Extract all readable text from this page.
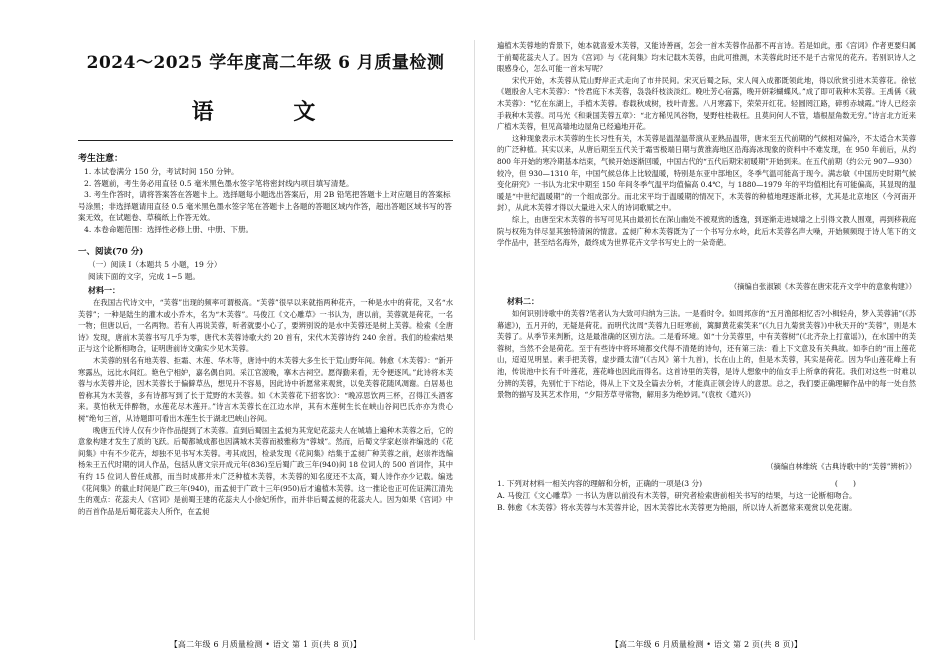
2024～2025 学年度高二年级 6 月质量检测
语 文
考生注意：

1. 本试卷满分 150 分，考试时间 150 分钟。

2. 答题前，考生务必用直径 0.5 毫米黑色墨水签字笔将密封线内项目填写清楚。

3. 考生作答时，请将答案答在答题卡上。选择题每小题选出答案后，用 2B 铅笔把答题卡上对应题目的答案标号涂黑；非选择题请用直径 0.5 毫米黑色墨水签字笔在答题卡上各题的答题区域内作答，超出答题区域书写的答案无效，在试题卷、草稿纸上作答无效。

4. 本卷命题范围：选择性必修上册、中册、下册。

一、阅读(70 分)
（一）阅读 Ⅰ（本题共 5 小题，19 分）
阅读下面的文字，完成 1~5 题。
材料一：

在我国古代诗文中，“芙蓉”出现的频率可谓极高。“芙蓉”很早以来就指两种花卉，一种是水中的荷花，又名“水芙蓉”；一种是陆生的灌木或小乔木，名为“木芙蓉”。马俊江《文心雕草》一书认为，唐以前，芙蓉就是荷花，一名一物；但唐以后，一名两物。若有人再说芙蓉，听者就要小心了，要辨别说的是水中芙蓉还是树上芙蓉。检索《全唐诗》发现，唐前木芙蓉书写几乎为零，唐代木芙蓉诗歌大约 20 首有，宋代木芙蓉诗约 240 余首。我们的检索结果正与这个论断相吻合，证明唐前诗文确实少见木芙蓉。

木芙蓉的别名有地芙蓉、拒霜、木莲、华木等，唐诗中的木芙蓉大多生长于荒山野年间。韩愈《木芙蓉》：“新开寒露丛，远比水间红。艳色宁相妒，嘉名偶自同。采江官渡晚，搴木古祠空。愿得勤来看，无令便逐风。”此诗将木芙蓉与水芙蓉并论，因木芙蓉长于偏僻草丛，想见升不容易，因此诗中祈愿常来观赏，以免芙蓉花随风凋谢。白居易也曾称其为木芙蓉，多有诗都写到了长于荒野的木芙蓉。如《木芙蓉花下招客饮》：“晚凉思饮两三杯，召得江头酒客来。莫怕秋无伴醉物，水莲花尽木莲开。”诗言木芙蓉长在江边水岸，其有木莲树生长在峡山谷间巴氏亦亦为贵心树”绝句三首，从诗题即可看出木莲生长于湖北巴峡山谷间。

晚唐五代诗人仅有少许作品提到了木芙蓉。直到后蜀国主孟昶为其宠妃花蕊夫人在城墙上遍种木芙蓉之后，它的意象构建才发生了质的飞跃。后蜀都城成都也因满城木芙蓉而被雅称为“蓉城”。然而，后蜀文学家赵崇祚编选的《花间集》中有不少花卉，却独不见书写木芙蓉。考其成因，检录发现《花间集》结集于孟昶广种芙蓉之前，赵崇祚选编杨朱王五代时期的词人作品，包括从唐文宗开成元年(836)至后蜀广政三年(940)间 18 位词人的 500 首词作，其中有约 15 位词人曾任成都，而当时成都并未广泛种植木芙蓉，木芙蓉的知名度还不太高，蜀人诗作亦少记载。编选《花间集》的截止时间是广政三年(940)，而孟昶于广政十三年(950)后才遍植木芙蓉。这一推论也正可佐证满江清先生的观点：花蕊夫人《宫词》是前蜀王建的花蕊夫人小徐妃所作，而并非后蜀孟昶的花蕊夫人。因为如果《宫词》中的百首作品是后蜀花蕊夫人所作，在孟昶

【高二年级 6 月质量检测 • 语文 第 1 页(共 8 页)】

遍植木芙蓉地的背景下，她本就喜爱木芙蓉，又能诗善画，怎会一首木芙蓉作品都不再言诗。若是如此，那《宫词》作者更要归属于前蜀花蕊夫人了。因为《宫词》与《花间集》均未记载木芙蓉，由此可推测，木芙蓉此时还不是千古常见的花卉。若别识诗人之眼感身心，怎么可能一首未写呢？

宋代开始，木芙蓉从荒山野岸正式走向了市井民间。宋灭后蜀之际，宋人闯入成都既领此地，得以欣赏引进木芙蓉花。徐铉《题殷舍人宅木芙蓉》：“怜君庭下木芙蓉，袅袅纤枝淡淡红。晚吐芳心宿露，晚开妍彩蝴蝶风。”成了即可栽种木芙蓉。王禹偁《栽木芙蓉》：“忆在东湖上，手植木芙蓉。春载秋成树，枝叶青葱。八月寒露下，荣荣开红花。轻圆罔江路，碎剪赤城霞。”诗人已经亲手栽种木芙蓉。司马光《和秉国芙蓉五章》：“北方稀见风谷物，旻野柱桂栽枉。且莫问何人不管，墙根屋角数无穷。”诗言北方近来广植木芙蓉，但见高墙地边屋角已经遍地开花。

这种现象表示木芙蓉的生长习性有关，木芙蓉是温湿温带演从亚熟品温带，唐末至五代前期的气候相对偏冷，不太适合木芙蓉的广泛种植。其实以来，从唐后期至五代关于霜雪极端日期与黄淮海地区沿海海冰现象的资料中不难发现，在 950 年前后，从约 800 年开始的寒冷期基本结束，气候开始逐渐回暖，中国古代的“五代后期宋初暖期”开始到来。在五代前期（约公元 907—930）较冷，但 930—1310 年，中国气候总体上比较温暖，特别是东亚中部地区，冬季气温可能高于现今。满志敏《中国历史时期气候变化研究》一书认为北宋中期至 150 年间冬季气温平均值偏高 0.4℃，与 1880—1979 年的平均值相比有可能偏高，其显现的温暖是“中世纪温暖期”的一个组成部分。而北宋平均于温暖期的情况下，木芙蓉的种植地理逐渐北移，尤其是北京地区（今河南开封），从此木芙蓉才得以大量进入宋人的诗词歌赋之中。

综上，由唐至宋木芙蓉的书写可见其由最初长在深山幽处不被观赏的透逸，到逐渐走进城墙之上引得文教人围观，再到移栽庭院与权苑为伴尽显其独特清闲的情意。孟昶广种木芙蓉既为了一个书写分水岭，此后木芙蓉名声大噪，开始频频现于诗人笔下的文学作品中，甚至结名海外，最终成为世界花卉文学书写史上的一朵奇葩。

（摘编自张淑颖《木芙蓉在唐宋花卉文学中的意象构建》）
材料二：

如何识别诗歌中的芙蓉?笔者认为大致可归纳为三法。一是看时令。如周邦彦的“五月渔郎相忆否?小楫轻舟，梦入芙蓉浦”(《苏幕遮》)，五月开的，无疑是荷花。而明代沈周“芙蓉九日旺寒前，篱脚黄花索笑来”(《九日九菊赏芙蓉》)中秋天开的“芙蓉”，则是木芙蓉了。从季节来判断，这是最准确的区别方法。二是看环境。如“十分芙蓉里，中有芙蓉树”(《北齐杂上打童谣》)，在水国中的芙蓉树，当然不会是荷花。至于有些诗中将环境都交代得不清楚的诗句，还有第三法：看上下文意及有关典故。如李白的“而上莲花山，迢迢见明星。素手把芙蓉，虚步蹑太清”(《古风》第十九首)，长在山上的，但是木芙蓉，其实是荷花。因为华山莲花峰上有池，传说池中长有千叶莲花，莲花峰也因此而得名。这首诗里的芙蓉，是诗人想象中的仙女手上所拿的荷花。我们对这些一时难以分辨的芙蓉，先别忙于下结论，得从上下文及全篇去分析，才能真正领会诗人的意思。总之，我们要正确理解作品中的每一处自然景物的描写及其艺术作用，“夕阳芳草寻常物，解用多为绝妙词。”(袁枚《遣兴》)

（摘编自林维统《古典诗歌中的“芙蓉”辨析》）
1. 下列对材料一相关内容的理解和分析，正确的一项是(3 分)	(　　)

A. 马俊江《文心雕草》一书认为唐以前没有木芙蓉，研究者检索唐前相关书写的结果，与这一论断相吻合。

B. 韩愈《木芙蓉》将水芙蓉与木芙蓉并论，因木芙蓉比水芙蓉更为艳丽，所以诗人祈愿常来观赏以免花谢。

【高二年级 6 月质量检测 • 语文 第 2 页(共 8 页)】
